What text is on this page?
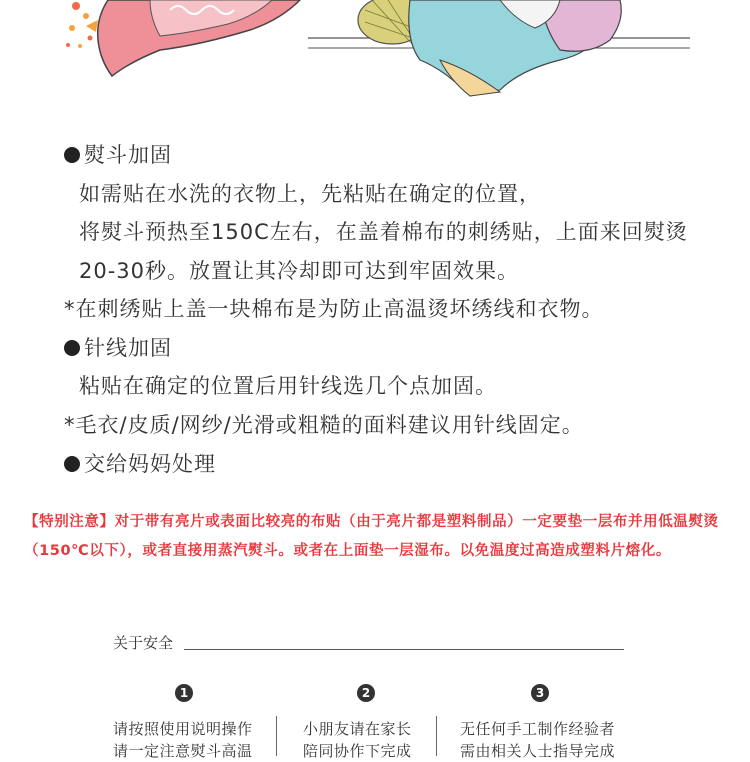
熨斗加固
如需贴在水洗的衣物上，先粘贴在确定的位置，
将熨斗预热至150C左右，在盖着棉布的刺绣贴，上面来回熨烫
20-30秒。放置让其冷却即可达到牢固效果。
*在刺绣贴上盖一块棉布是为防止高温烫坏绣线和衣物。
针线加固
粘贴在确定的位置后用针线选几个点加固。
*毛衣/皮质/网纱/光滑或粗糙的面料建议用针线固定。
交给妈妈处理
【特别注意】对于带有亮片或表面比较亮的布贴（由于亮片都是塑料制品）一定要垫一层布并用低温熨烫（150℃以下），或者直接用蒸汽熨斗。或者在上面垫一层湿布。以免温度过高造成塑料片熔化。
关于安全
1	2	3
请按照使用说明操作
请一定注意熨斗高温
小朋友请在家长
陪同协作下完成
无任何手工制作经验者
需由相关人士指导完成
